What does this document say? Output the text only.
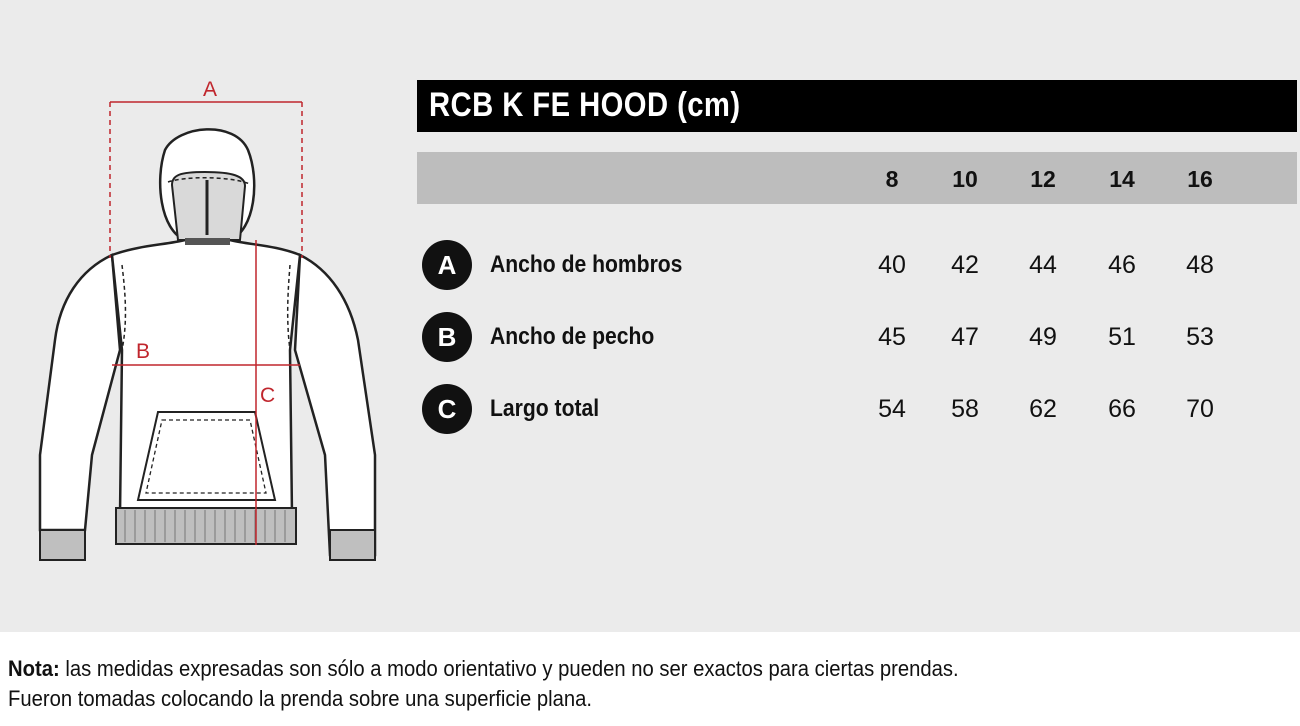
A
B
C
RCB K FE HOOD (cm)
8	10	12	14	16
A	Ancho de hombros	40	42	44	46	48
B	Ancho de pecho	45	47	49	51	53
C	Largo total	54	58	62	66	70
Nota: las medidas expresadas son sólo a modo orientativo y pueden no ser exactos para ciertas prendas.
Fueron tomadas colocando la prenda sobre una superficie plana.
